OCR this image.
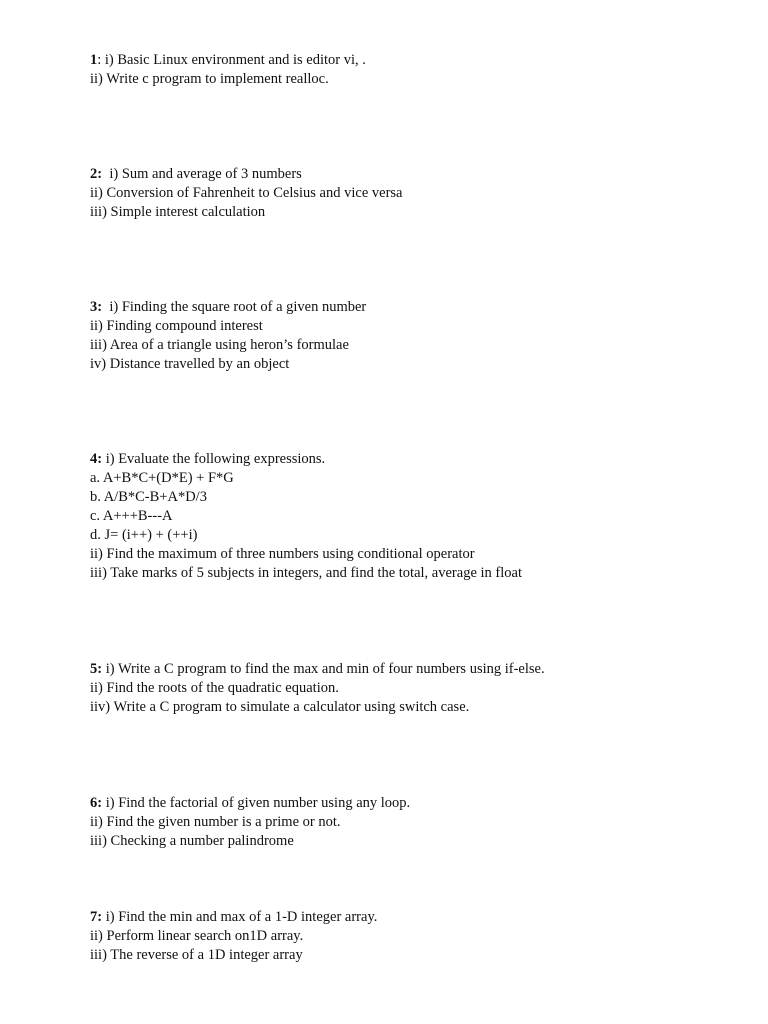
1: i) Basic Linux environment and is editor vi, .
ii) Write c program to implement realloc.
2: i) Sum and average of 3 numbers
ii) Conversion of Fahrenheit to Celsius and vice versa
iii) Simple interest calculation
3: i) Finding the square root of a given number
ii) Finding compound interest
iii) Area of a triangle using heron’s formulae
iv) Distance travelled by an object
4: i) Evaluate the following expressions.
a. A+B*C+(D*E) + F*G
b. A/B*C-B+A*D/3
c. A+++B---A
d. J= (i++) + (++i)
ii) Find the maximum of three numbers using conditional operator
iii) Take marks of 5 subjects in integers, and find the total, average in float
5: i) Write a C program to find the max and min of four numbers using if-else.
ii) Find the roots of the quadratic equation.
iiv) Write a C program to simulate a calculator using switch case.
6: i) Find the factorial of given number using any loop.
ii) Find the given number is a prime or not.
iii) Checking a number palindrome
7: i) Find the min and max of a 1-D integer array.
ii) Perform linear search on1D array.
iii) The reverse of a 1D integer array
